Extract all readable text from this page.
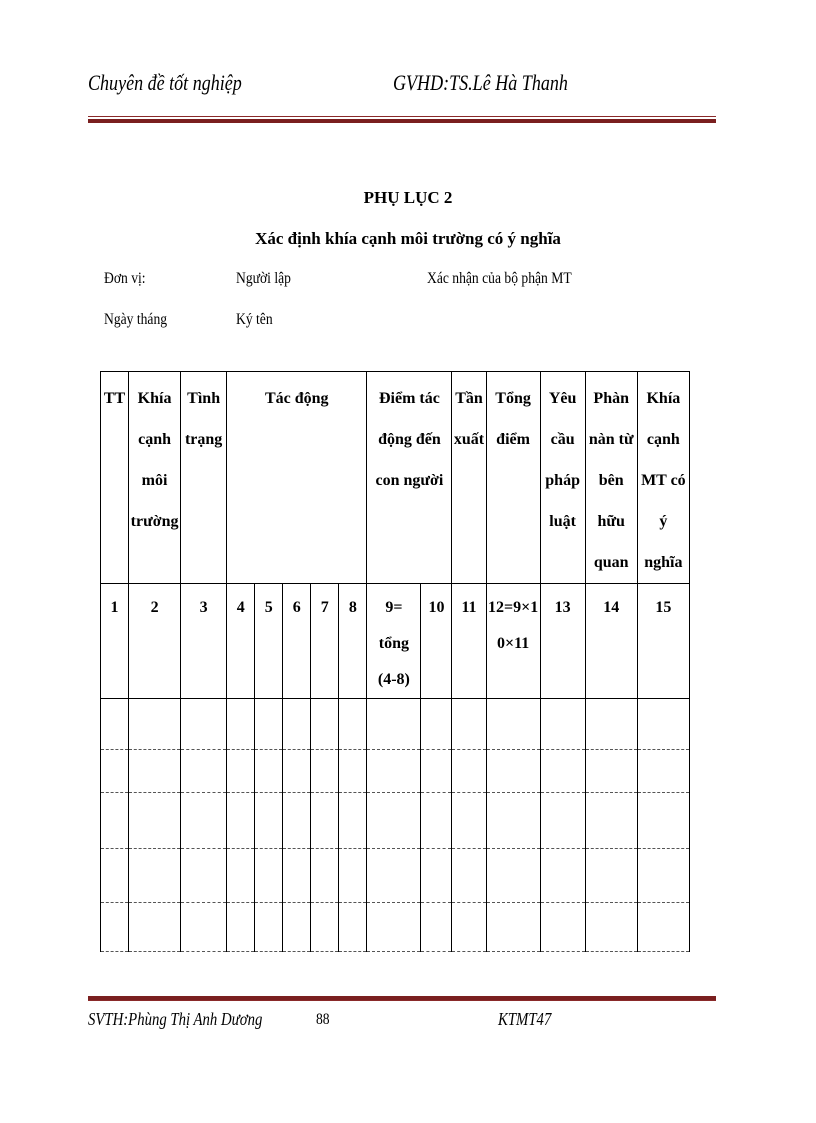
Chuyên đề tốt nghiệp	GVHD:TS.Lê Hà Thanh
PHỤ LỤC 2
Xác định khía cạnh môi trường có ý nghĩa
Đơn vị:	Người lập	Xác nhận của bộ phận MT
Ngày tháng	Ký tên
TT	Khía cạnh môi trường	Tình trạng	Tác động					Điểm tác động đến con người		Tần xuất	Tổng điểm	Yêu cầu pháp luật	Phàn nàn từ bên hữu quan	Khía cạnh MT có ý nghĩa
1	2	3	4	5	6	7	8	9= tổng (4-8)	10	11	12=9×10×11	13	14	15

SVTH:Phùng Thị Anh Dương	88	KTMT47
